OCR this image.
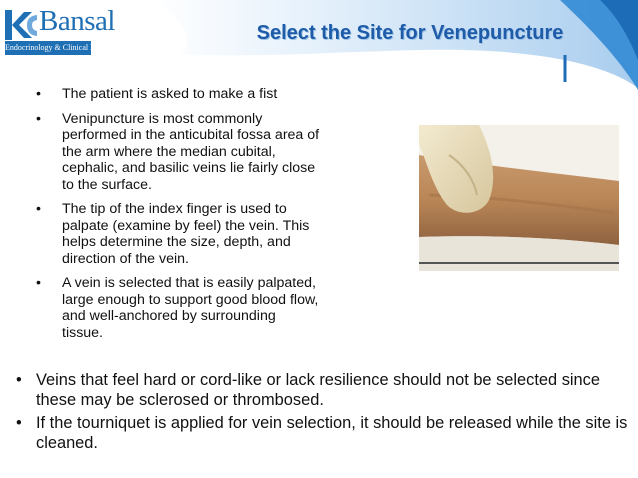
Bansal
Endocrinology & Clinical Lab
Select the Site for Venepuncture
• The patient is asked to make a fist
• Venipuncture is most commonly performed in the anticubital fossa area of the arm where the median cubital, cephalic, and basilic veins lie fairly close to the surface.
• The tip of the index finger is used to palpate (examine by feel) the vein. This helps determine the size, depth, and direction of the vein.
• A vein is selected that is easily palpated, large enough to support good blood flow, and well-anchored by surrounding tissue.
• Veins that feel hard or cord-like or lack resilience should not be selected since these may be sclerosed or thrombosed.
• If the tourniquet is applied for vein selection, it should be released while the site is cleaned.
